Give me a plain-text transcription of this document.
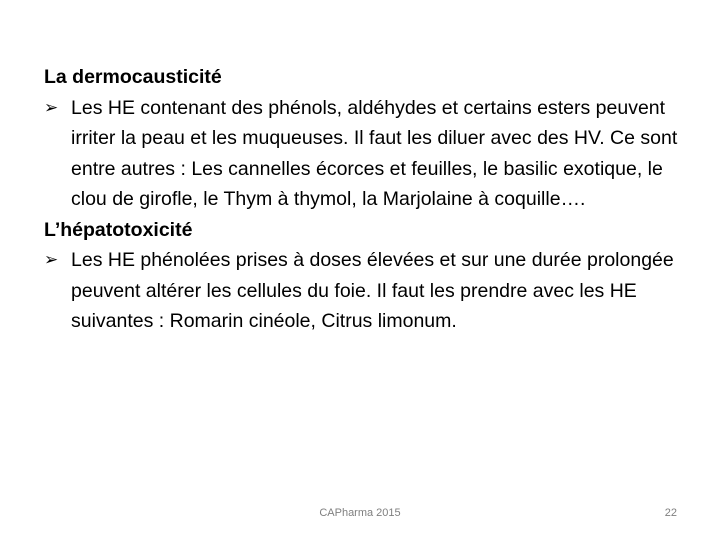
La dermocausticité

➢ Les HE contenant des phénols, aldéhydes et certains esters peuvent irriter la peau et les muqueuses. Il faut les diluer avec des HV. Ce sont entre autres : Les cannelles écorces et feuilles, le basilic exotique, le clou de girofle, le Thym à thymol, la Marjolaine à coquille….

L’hépatotoxicité

➢ Les HE phénolées prises à doses élevées et sur une durée prolongée peuvent altérer les cellules du foie. Il faut les prendre avec les HE suivantes : Romarin cinéole, Citrus limonum.

CAPharma 2015	22
